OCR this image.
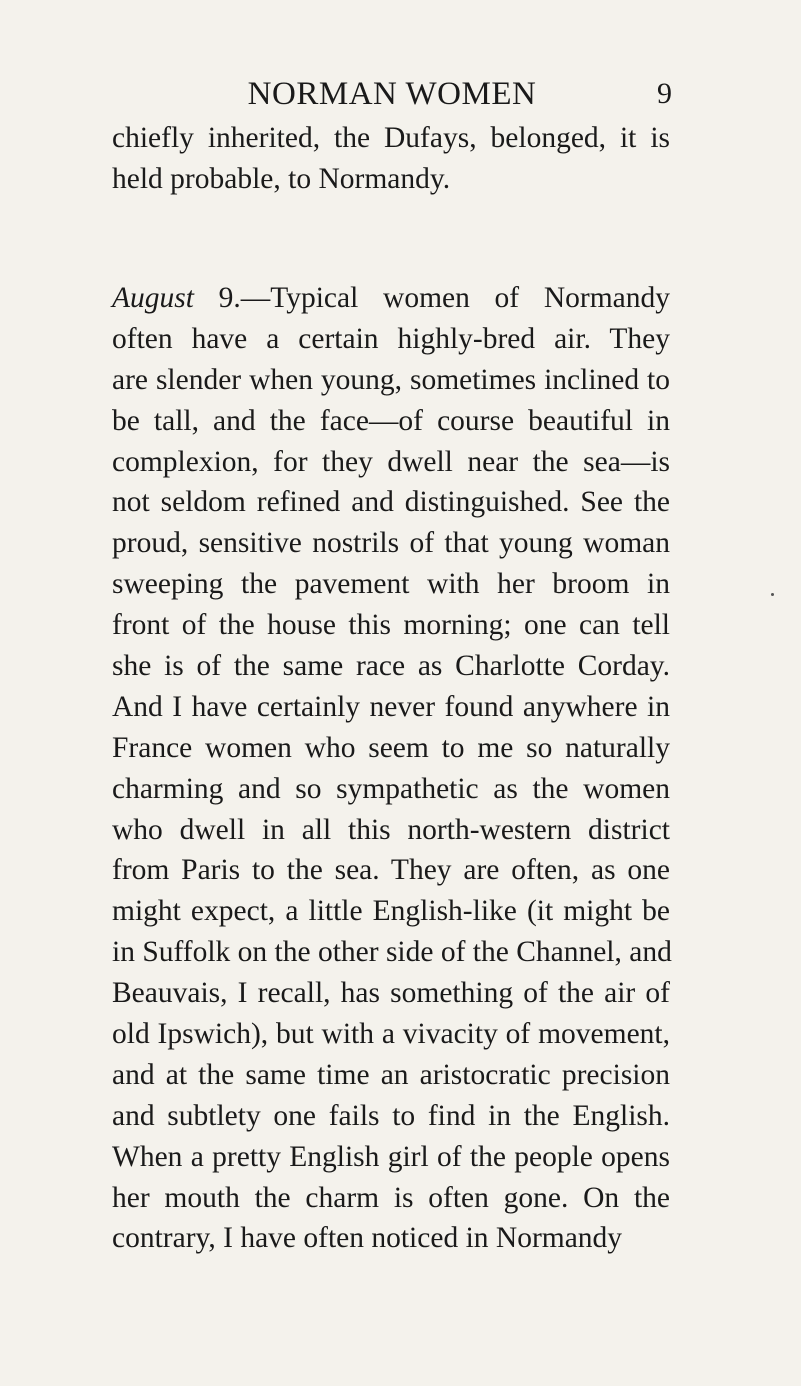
NORMAN WOMEN	9
chiefly inherited, the Dufays, belonged, it is
held probable, to Normandy.
August 9.—Typical women of Normandy
often have a certain highly-bred air. They
are slender when young, sometimes inclined to
be tall, and the face—of course beautiful in
complexion, for they dwell near the sea—is
not seldom refined and distinguished. See the
proud, sensitive nostrils of that young woman
sweeping the pavement with her broom in
front of the house this morning; one can tell
she is of the same race as Charlotte Corday.
And I have certainly never found anywhere in
France women who seem to me so naturally
charming and so sympathetic as the women
who dwell in all this north-western district
from Paris to the sea. They are often, as one
might expect, a little English-like (it might be
in Suffolk on the other side of the Channel, and
Beauvais, I recall, has something of the air of
old Ipswich), but with a vivacity of movement,
and at the same time an aristocratic precision
and subtlety one fails to find in the English.
When a pretty English girl of the people opens
her mouth the charm is often gone. On the
contrary, I have often noticed in Normandy
